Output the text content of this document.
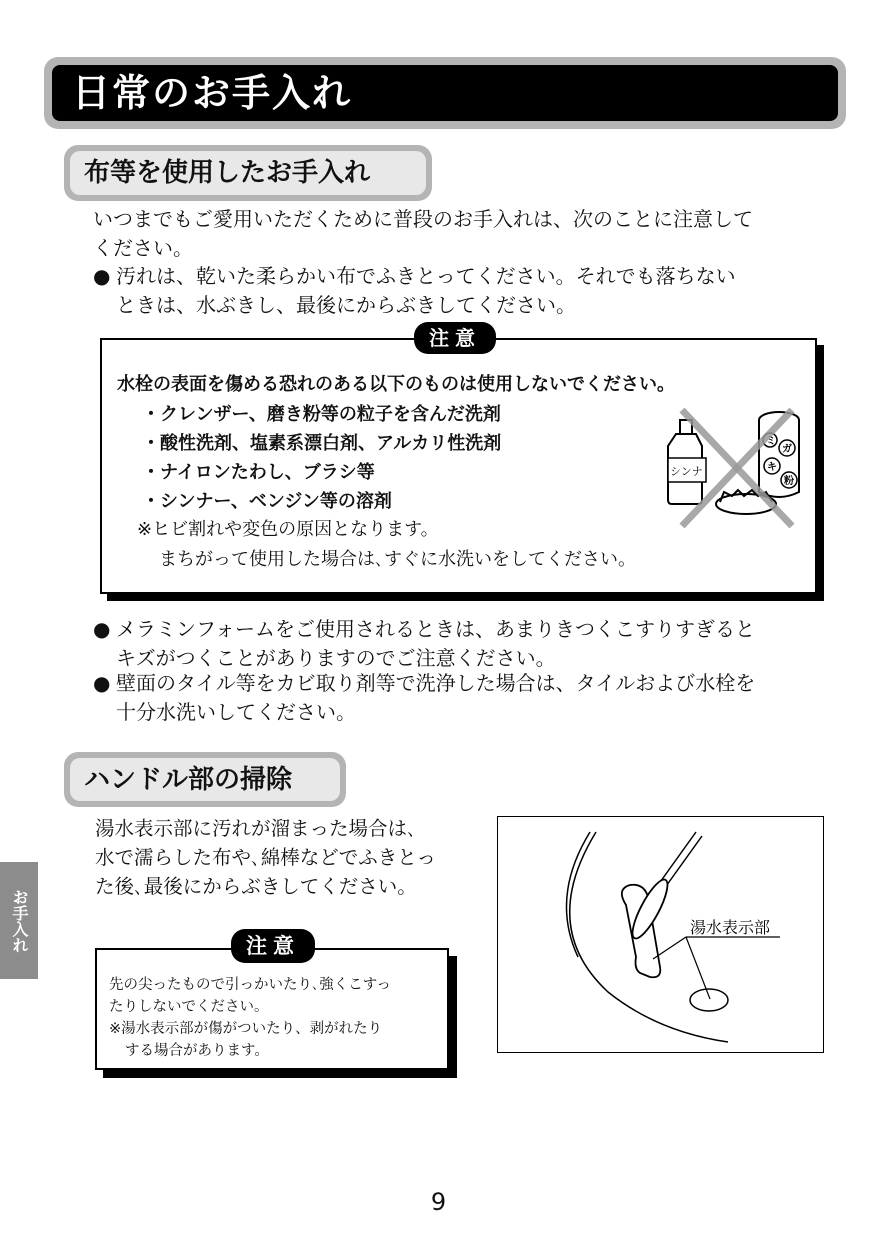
日常のお手入れ
布等を使用したお手入れ
いつまでもご愛用いただくために普段のお手入れは、次のことに注意して
ください。
● 汚れは、乾いた柔らかい布でふきとってください。それでも落ちない
ときは、水ぶきし、最後にからぶきしてください。
水栓の表面を傷める恐れのある以下のものは使用しないでください。
・クレンザー、磨き粉等の粒子を含んだ洗剤
・酸性洗剤、塩素系漂白剤、アルカリ性洗剤
・ナイロンたわし、ブラシ等
・シンナー、ベンジン等の溶剤
※ヒビ割れや変色の原因となります。
まちがって使用した場合は､すぐに水洗いをしてください。
シンナ
ミ
ガ
キ
粉
注意
● メラミンフォームをご使用されるときは、あまりきつくこすりすぎると
キズがつくことがありますのでご注意ください。
● 壁面のタイル等をカビ取り剤等で洗浄した場合は、タイルおよび水栓を
十分水洗いしてください。
ハンドル部の掃除
湯水表示部に汚れが溜まった場合は､
水で濡らした布や､綿棒などでふきとっ
た後､最後にからぶきしてください｡
先の尖ったもので引っかいたり､強くこすっ
たりしないでください｡
※湯水表示部が傷がついたり、剥がれたり
する場合があります。
注意
湯水表示部
お手入れ
9
